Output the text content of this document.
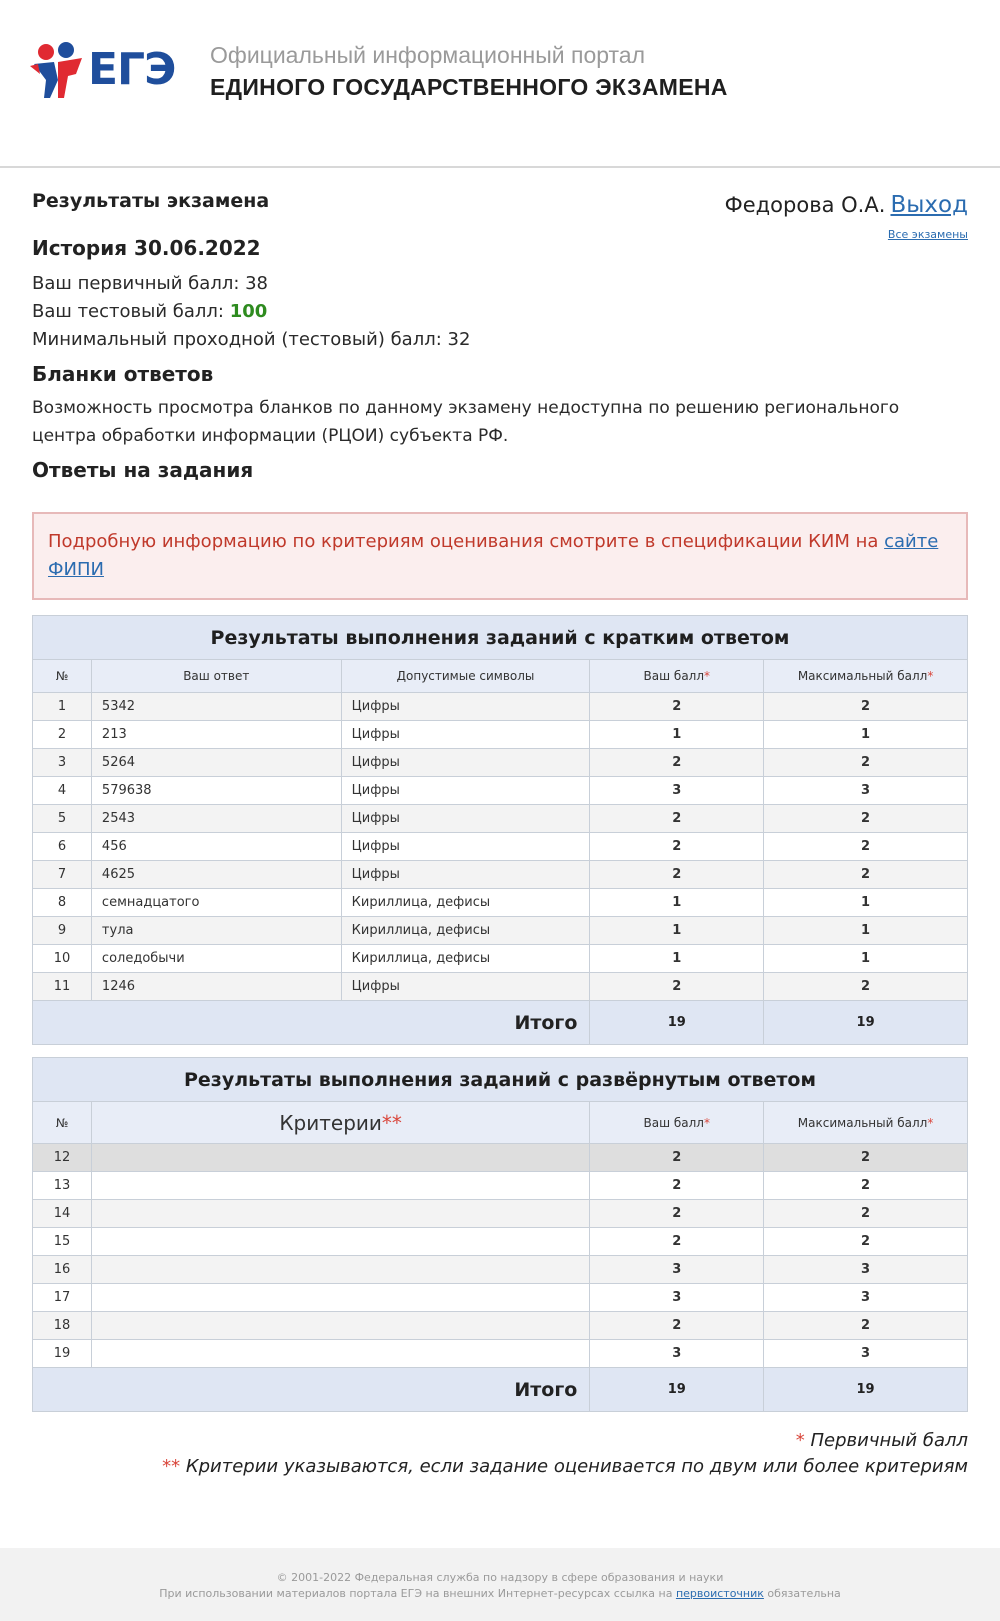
ЕГЭ Официальный информационный портал
ЕДИНОГО ГОСУДАРСТВЕННОГО ЭКЗАМЕНА
Федорова О.А. Выход
Все экзамены
Результаты экзамена
История 30.06.2022
Ваш первичный балл: 38
Ваш тестовый балл: 100
Минимальный проходной (тестовый) балл: 32
Бланки ответов
Возможность просмотра бланков по данному экзамену недоступна по решению регионального центра обработки информации (РЦОИ) субъекта РФ.
Ответы на задания
Подробную информацию по критериям оценивания смотрите в спецификации КИМ на сайте ФИПИ
Результаты выполнения заданий с кратким ответом				
№	Ваш ответ	Допустимые символы	Ваш балл*	Максимальный балл*
1	5342	Цифры	2	2
2	213	Цифры	1	1
3	5264	Цифры	2	2
4	579638	Цифры	3	3
5	2543	Цифры	2	2
6	456	Цифры	2	2
7	4625	Цифры	2	2
8	семнадцатого	Кириллица, дефисы	1	1
9	тула	Кириллица, дефисы	1	1
10	соледобычи	Кириллица, дефисы	1	1
11	1246	Цифры	2	2
Итого			19	19
Результаты выполнения заданий с развёрнутым ответом			
№	Критерии**	Ваш балл*	Максимальный балл*
12		2	2
13		2	2
14		2	2
15		2	2
16		3	3
17		3	3
18		2	2
19		3	3
Итого		19	19
* Первичный балл
** Критерии указываются, если задание оценивается по двум или более критериям
© 2001-2022 Федеральная служба по надзору в сфере образования и науки
При использовании материалов портала ЕГЭ на внешних Интернет-ресурсах ссылка на первоисточник обязательна
